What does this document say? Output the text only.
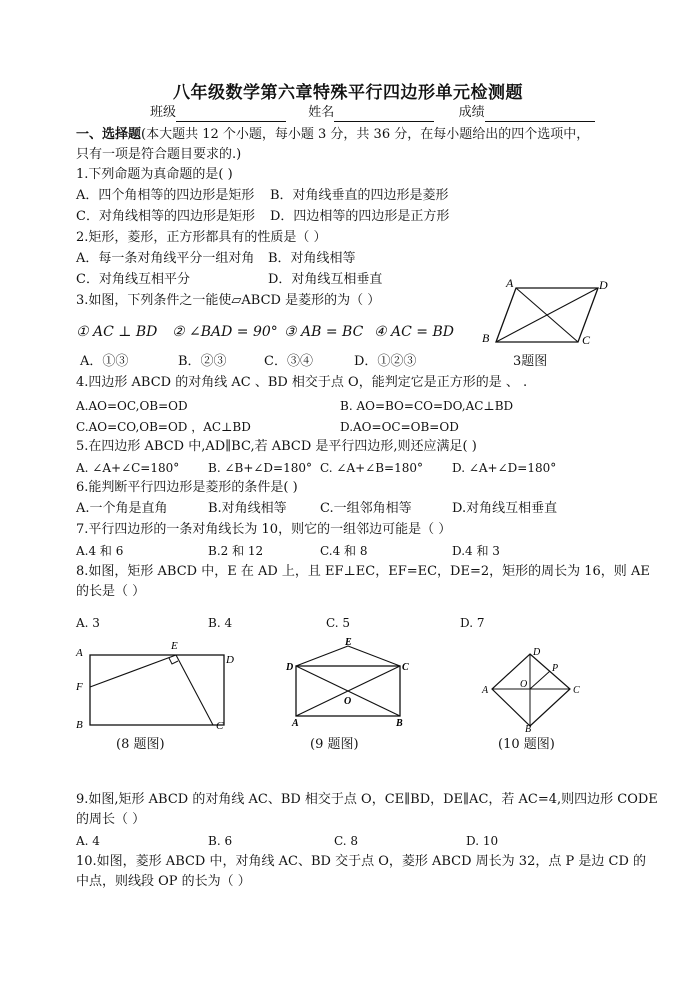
八年级数学第六章特殊平行四边形单元检测题
班级	姓名	成绩
一、选择题(本大题共 12 个小题，每小题 3 分，共 36 分，在每小题给出的四个选项中，
只有一项是符合题目要求的.)
1.下列命题为真命题的是( )
A．四个角相等的四边形是矩形 B．对角线垂直的四边形是菱形
C．对角线相等的四边形是矩形 D．四边相等的四边形是正方形
2.矩形，菱形，正方形都具有的性质是（ ）
A．每一条对角线平分一组对角 B．对角线相等
C．对角线互相平分	D．对角线互相垂直
3.如图，下列条件之一能使▱ABCD 是菱形的为（ ）
① AC ⊥ BD ② ∠BAD = 90° ③ AB = BC ④ AC = BD
A．①③	B．②③	C．③④	D．①②③
A	D
B	C
3题图
4.四边形 ABCD 的对角线 AC 、BD 相交于点 O，能判定它是正方形的是 、 .
A.AO=OC,OB=OD	B. AO=BO=CO=DO,AC⊥BD
C.AO=CO,OB=OD ，AC⊥BD	D.AO=OC=OB=OD
5.在四边形 ABCD 中,AD∥BC,若 ABCD 是平行四边形,则还应满足( )
A. ∠A+∠C=180° B. ∠B+∠D=180° C. ∠A+∠B=180° D. ∠A+∠D=180°
6.能判断平行四边形是菱形的条件是( )
A.一个角是直角	B.对角线相等	C.一组邻角相等	D.对角线互相垂直
7.平行四边形的一条对角线长为 10，则它的一组邻边可能是（ ）
A.4 和 6	B.2 和 12	C.4 和 8	D.4 和 3
8.如图，矩形 ABCD 中，E 在 AD 上，且 EF⊥EC，EF=EC，DE=2，矩形的周长为 16，则 AE
的长是（ ）
A. 3	B. 4	C. 5	D. 7
A
F
B
E
D
C
(8 题图)
E
D	C
O
A	B
(9 题图)
D
P
A
O
C
B
(10 题图)
9.如图,矩形 ABCD 的对角线 AC、BD 相交于点 O，CE∥BD，DE∥AC，若 AC=4,则四边形 CODE
的周长（ ）
A. 4	B. 6	C. 8	D. 10
10.如图，菱形 ABCD 中，对角线 AC、BD 交于点 O，菱形 ABCD 周长为 32，点 P 是边 CD 的
中点，则线段 OP 的长为（ ）
